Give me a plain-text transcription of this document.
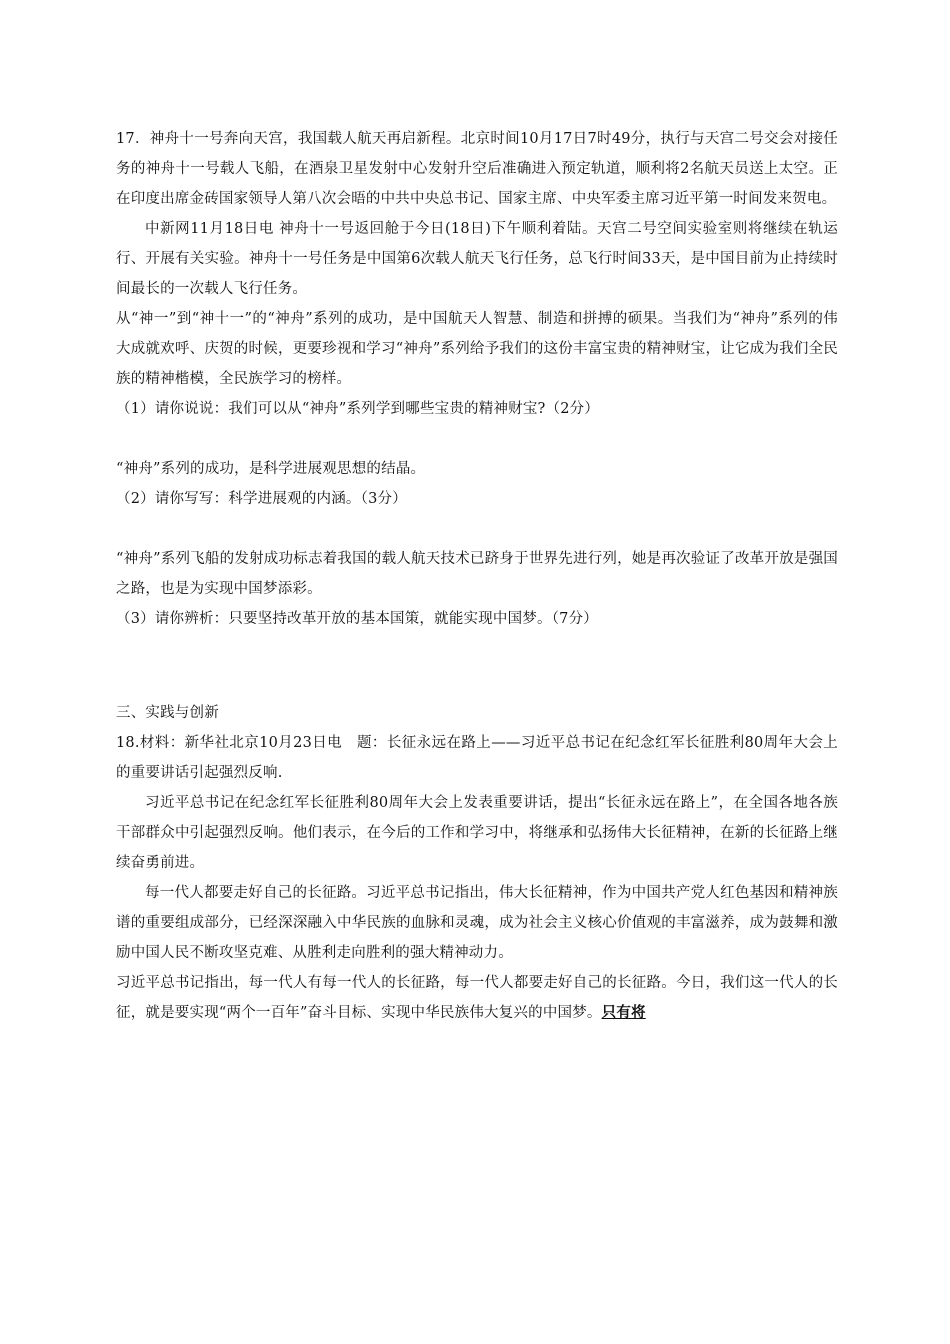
17．神舟十一号奔向天宫，我国载人航天再启新程。北京时间10月17日7时49分，执行与天宫二号交会对接任务的神舟十一号载人飞船，在酒泉卫星发射中心发射升空后准确进入预定轨道，顺利将2名航天员送上太空。正在印度出席金砖国家领导人第八次会晤的中共中央总书记、国家主席、中央军委主席习近平第一时间发来贺电。

中新网11月18日电 神舟十一号返回舱于今日(18日)下午顺利着陆。天宫二号空间实验室则将继续在轨运行、开展有关实验。神舟十一号任务是中国第6次载人航天飞行任务，总飞行时间33天，是中国目前为止持续时间最长的一次载人飞行任务。

从“神一”到“神十一”的“神舟”系列的成功，是中国航天人智慧、制造和拼搏的硕果。当我们为“神舟”系列的伟大成就欢呼、庆贺的时候，更要珍视和学习“神舟”系列给予我们的这份丰富宝贵的精神财宝，让它成为我们全民族的精神楷模，全民族学习的榜样。

（1）请你说说：我们可以从“神舟”系列学到哪些宝贵的精神财宝?（2分）

“神舟”系列的成功，是科学进展观思想的结晶。

（2）请你写写：科学进展观的内涵。（3分）

“神舟”系列飞船的发射成功标志着我国的载人航天技术已跻身于世界先进行列，她是再次验证了改革开放是强国之路，也是为实现中国梦添彩。

（3）请你辨析：只要坚持改革开放的基本国策，就能实现中国梦。（7分）

三、实践与创新

18.材料：新华社北京10月23日电　题：长征永远在路上——习近平总书记在纪念红军长征胜利80周年大会上的重要讲话引起强烈反响.

习近平总书记在纪念红军长征胜利80周年大会上发表重要讲话，提出“长征永远在路上”，在全国各地各族干部群众中引起强烈反响。他们表示，在今后的工作和学习中，将继承和弘扬伟大长征精神，在新的长征路上继续奋勇前进。

每一代人都要走好自己的长征路。习近平总书记指出，伟大长征精神，作为中国共产党人红色基因和精神族谱的重要组成部分，已经深深融入中华民族的血脉和灵魂，成为社会主义核心价值观的丰富滋养，成为鼓舞和激励中国人民不断攻坚克难、从胜利走向胜利的强大精神动力。

习近平总书记指出，每一代人有每一代人的长征路，每一代人都要走好自己的长征路。今日，我们这一代人的长征，就是要实现“两个一百年”奋斗目标、实现中华民族伟大复兴的中国梦。只有将
